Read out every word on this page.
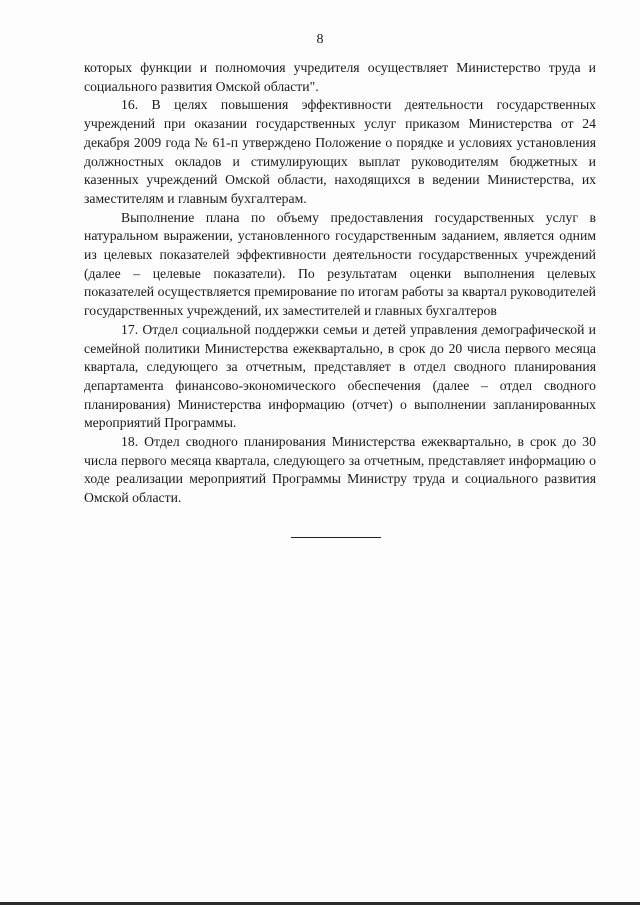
8

которых функции и полномочия учредителя осуществляет Министерство труда и социального развития Омской области".

16. В целях повышения эффективности деятельности государственных учреждений при оказании государственных услуг приказом Министерства от 24 декабря 2009 года № 61-п утверждено Положение о порядке и условиях установления должностных окладов и стимулирующих выплат руководителям бюджетных и казенных учреждений Омской области, находящихся в ведении Министерства, их заместителям и главным бухгалтерам.

Выполнение плана по объему предоставления государственных услуг в натуральном выражении, установленного государственным заданием, является одним из целевых показателей эффективности деятельности государственных учреждений (далее – целевые показатели). По результатам оценки выполнения целевых показателей осуществляется премирование по итогам работы за квартал руководителей государственных учреждений, их заместителей и главных бухгалтеров

17. Отдел социальной поддержки семьи и детей управления демографической и семейной политики Министерства ежеквартально, в срок до 20 числа первого месяца квартала, следующего за отчетным, представляет в отдел сводного планирования департамента финансово-экономического обеспечения (далее – отдел сводного планирования) Министерства информацию (отчет) о выполнении запланированных мероприятий Программы.

18. Отдел сводного планирования Министерства ежеквартально, в срок до 30 числа первого месяца квартала, следующего за отчетным, представляет информацию о ходе реализации мероприятий Программы Министру труда и социального развития Омской области.
